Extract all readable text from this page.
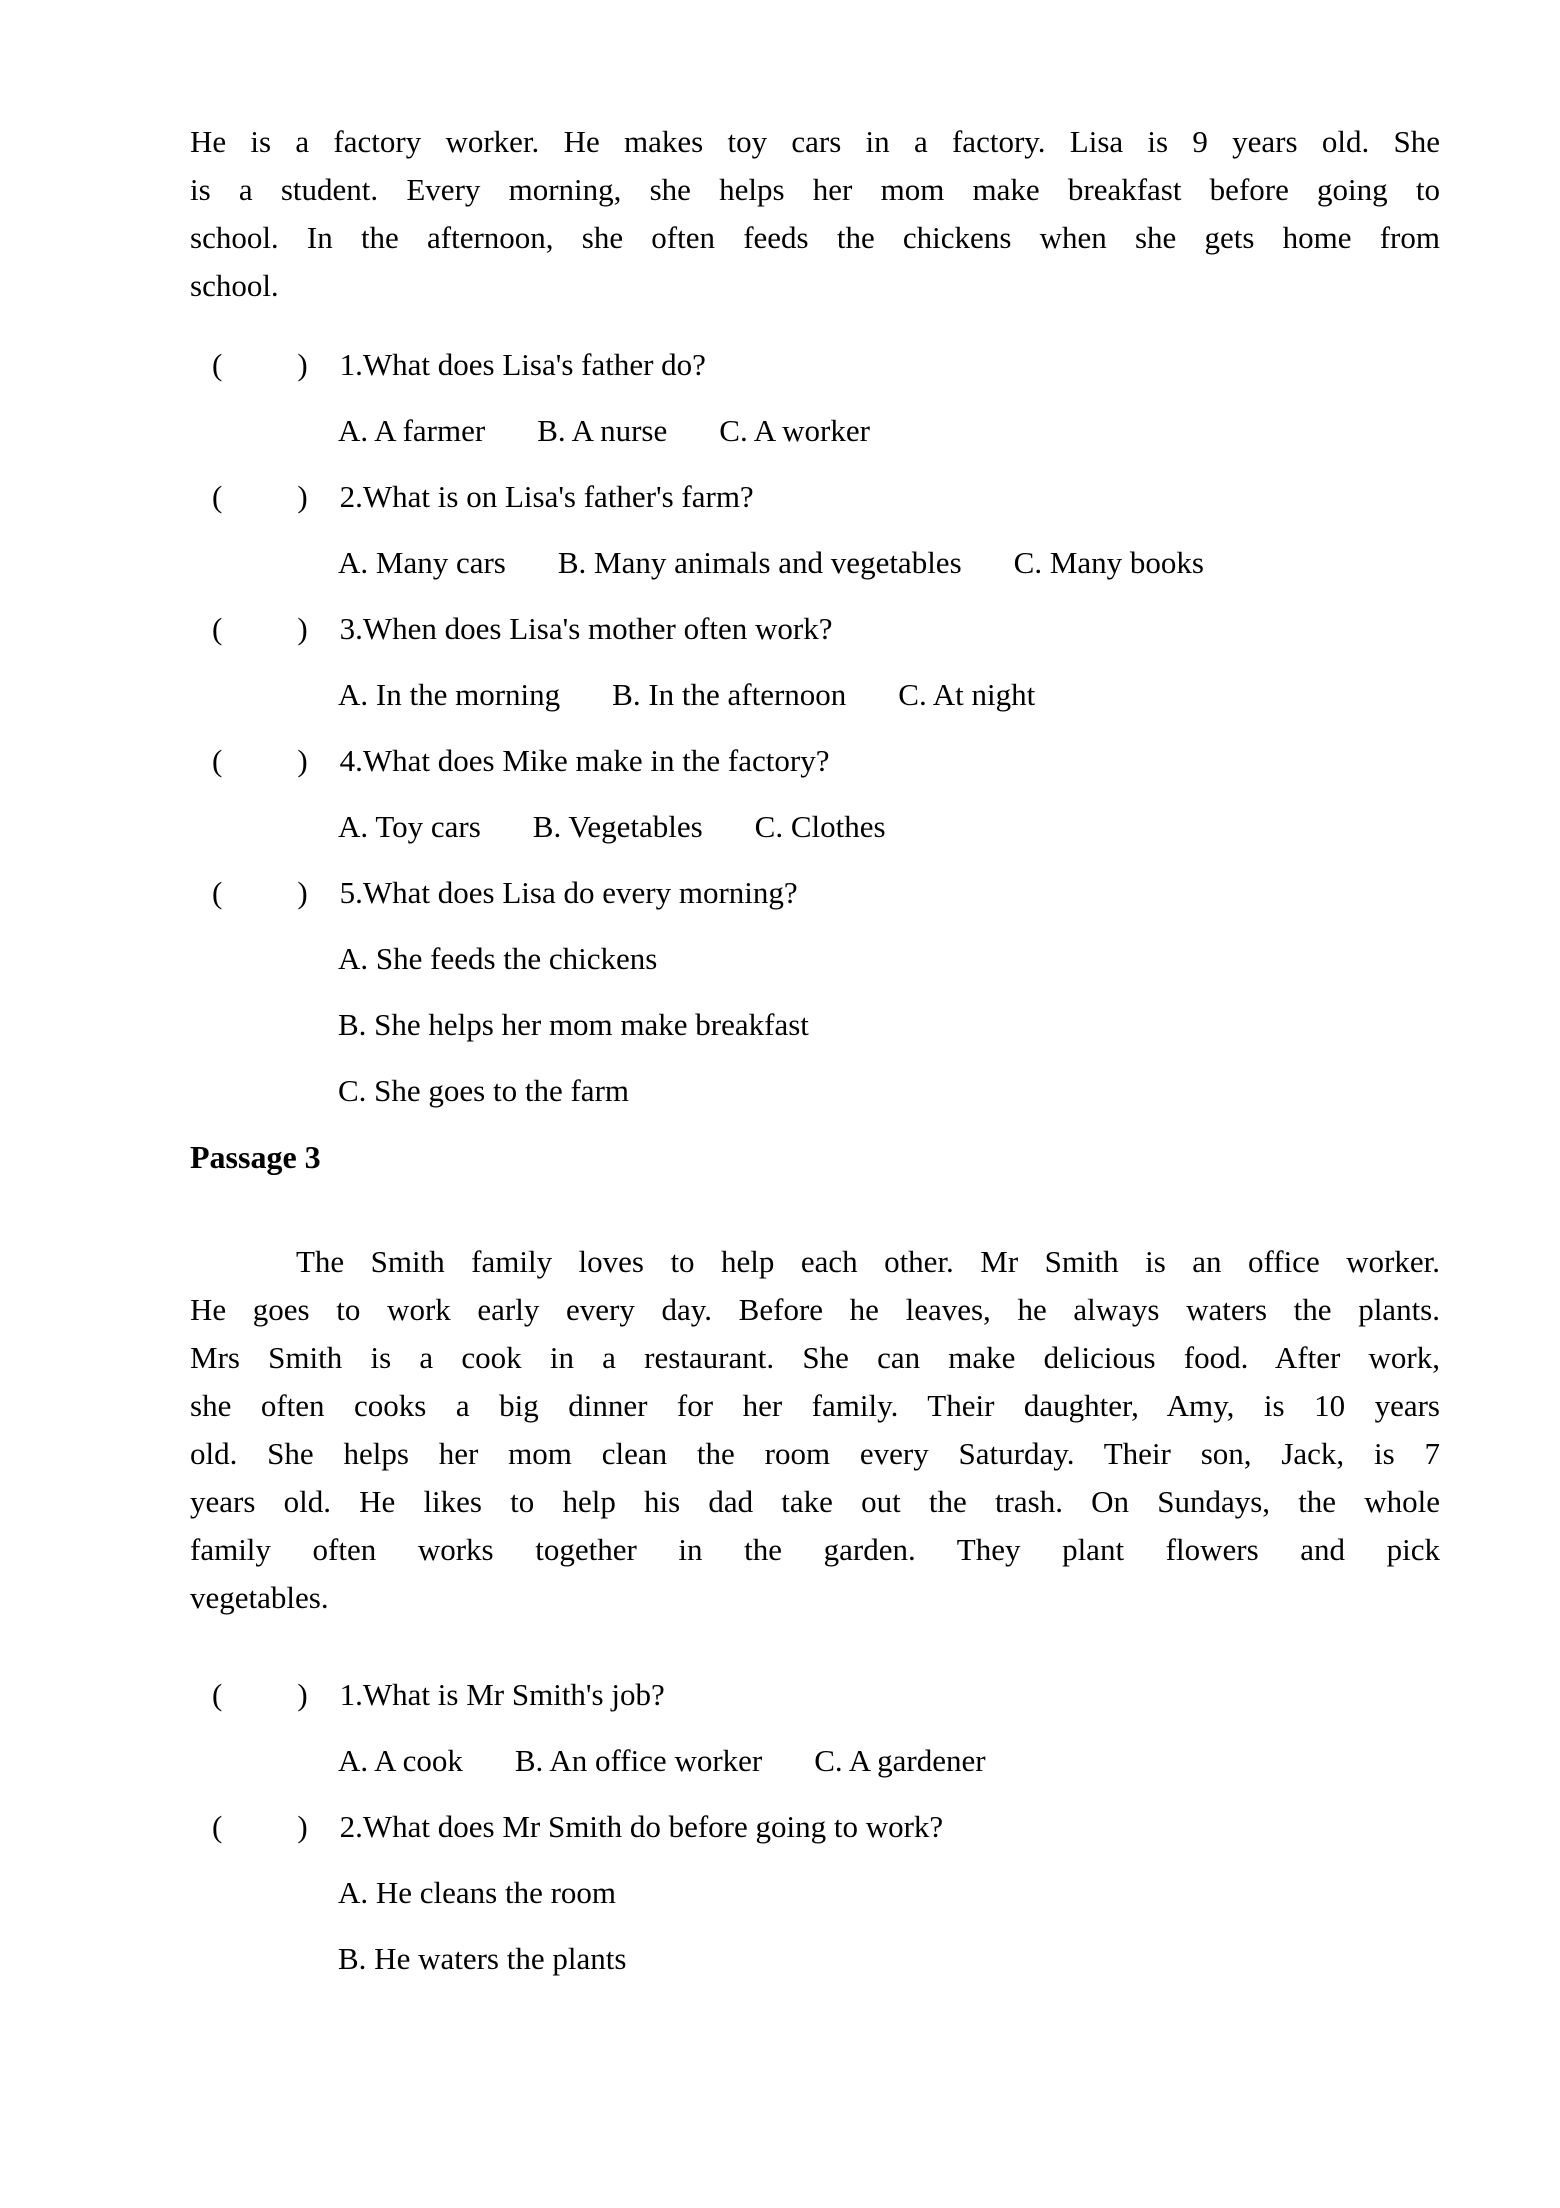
He is a factory worker. He makes toy cars in a factory. Lisa is 9 years old. She
is a student. Every morning, she helps her mom make breakfast before going to
school. In the afternoon, she often feeds the chickens when she gets home from
school.
( ) 1.What does Lisa's father do?
A. A farmer B. A nurse C. A worker
( ) 2.What is on Lisa's father's farm?
A. Many cars B. Many animals and vegetables C. Many books
( ) 3.When does Lisa's mother often work?
A. In the morning B. In the afternoon C. At night
( ) 4.What does Mike make in the factory?
A. Toy cars B. Vegetables C. Clothes
( ) 5.What does Lisa do every morning?
A. She feeds the chickens
B. She helps her mom make breakfast
C. She goes to the farm
Passage 3
The Smith family loves to help each other. Mr Smith is an office worker.
He goes to work early every day. Before he leaves, he always waters the plants.
Mrs Smith is a cook in a restaurant. She can make delicious food. After work,
she often cooks a big dinner for her family. Their daughter, Amy, is 10 years
old. She helps her mom clean the room every Saturday. Their son, Jack, is 7
years old. He likes to help his dad take out the trash. On Sundays, the whole
family often works together in the garden. They plant flowers and pick
vegetables.
( ) 1.What is Mr Smith's job?
A. A cook B. An office worker C. A gardener
( ) 2.What does Mr Smith do before going to work?
A. He cleans the room
B. He waters the plants
